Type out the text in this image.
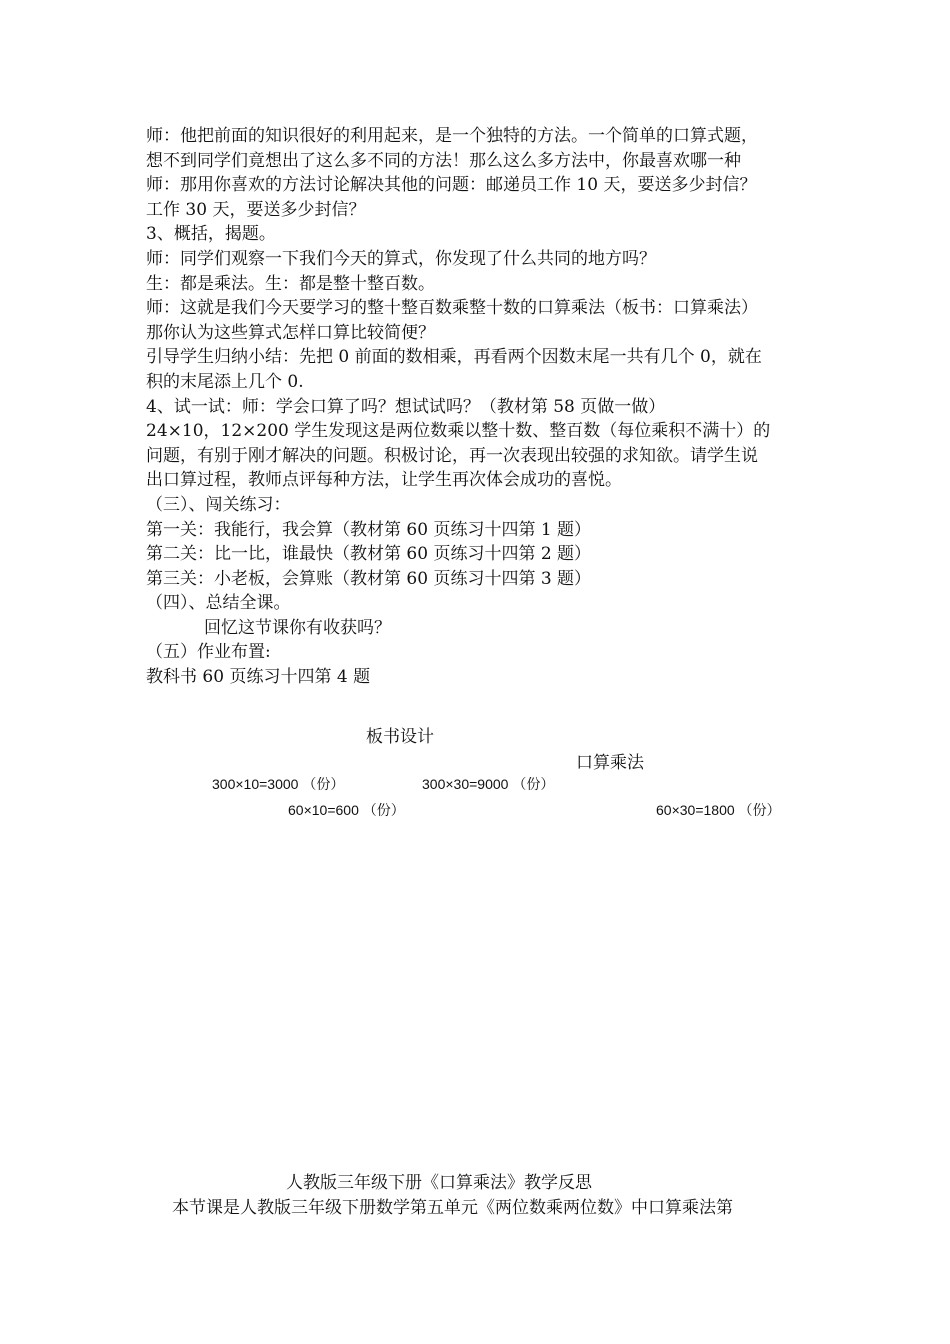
师：他把前面的知识很好的利用起来，是一个独特的方法。一个简单的口算式题，
想不到同学们竟想出了这么多不同的方法！那么这么多方法中，你最喜欢哪一种
师：那用你喜欢的方法讨论解决其他的问题：邮递员工作 10 天，要送多少封信？
工作 30 天，要送多少封信？
3、概括，揭题。
师：同学们观察一下我们今天的算式，你发现了什么共同的地方吗？
生：都是乘法。生：都是整十整百数。
师：这就是我们今天要学习的整十整百数乘整十数的口算乘法（板书：口算乘法）
那你认为这些算式怎样口算比较简便？
引导学生归纳小结：先把 0 前面的数相乘，再看两个因数末尾一共有几个 0，就在
积的末尾添上几个 0.
4、试一试：师：学会口算了吗？想试试吗？（教材第 58 页做一做）
24×10，12×200 学生发现这是两位数乘以整十数、整百数（每位乘积不满十）的
问题，有别于刚才解决的问题。积极讨论，再一次表现出较强的求知欲。请学生说
出口算过程，教师点评每种方法，让学生再次体会成功的喜悦。
（三）、闯关练习：
第一关：我能行，我会算（教材第 60 页练习十四第 1 题）
第二关：比一比，谁最快（教材第 60 页练习十四第 2 题）
第三关：小老板，会算账（教材第 60 页练习十四第 3 题）
（四）、总结全课。
回忆这节课你有收获吗？
（五）作业布置:
教科书 60 页练习十四第 4 题
板书设计
口算乘法
300×10=3000 （份）	300×30=9000 （份）
60×10=600 （份）	60×30=1800 （份）
人教版三年级下册《口算乘法》教学反思
本节课是人教版三年级下册数学第五单元《两位数乘两位数》中口算乘法第
